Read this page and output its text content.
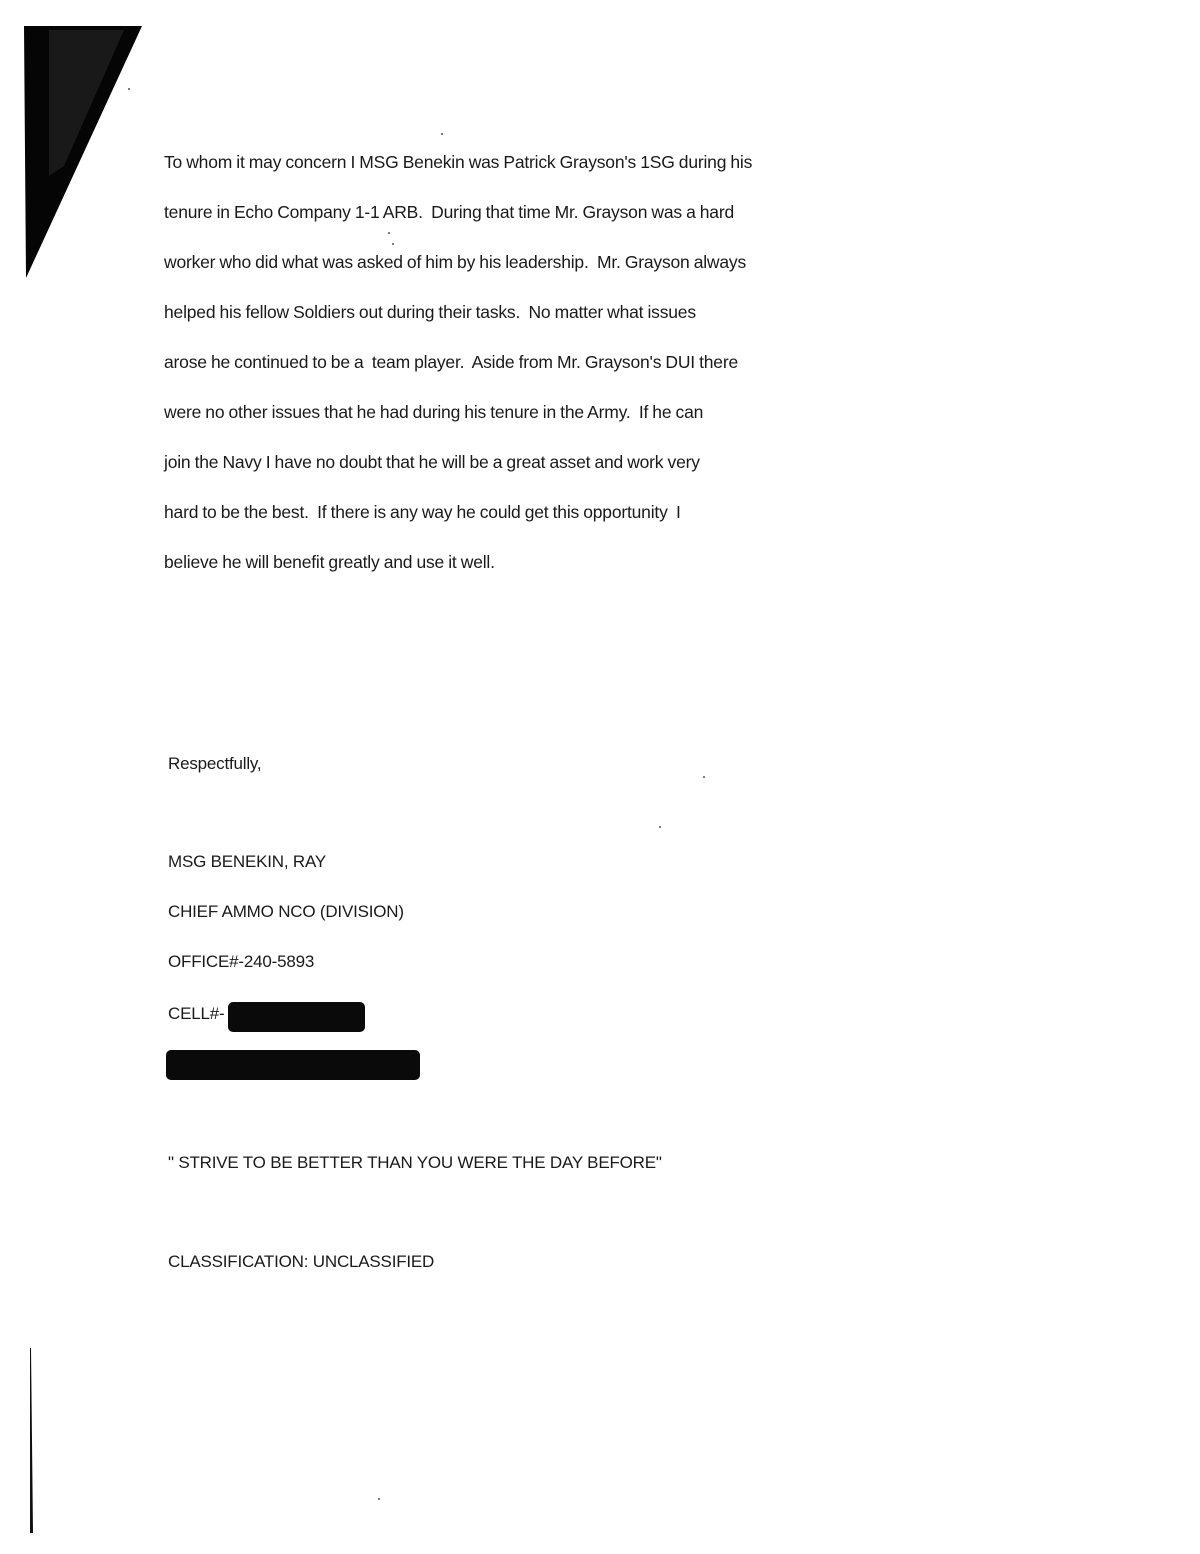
To whom it may concern I MSG Benekin was Patrick Grayson's 1SG during his
tenure in Echo Company 1-1 ARB.  During that time Mr. Grayson was a hard
worker who did what was asked of him by his leadership.  Mr. Grayson always
helped his fellow Soldiers out during their tasks.  No matter what issues
arose he continued to be a  team player.  Aside from Mr. Grayson's DUI there
were no other issues that he had during his tenure in the Army.  If he can
join the Navy I have no doubt that he will be a great asset and work very
hard to be the best.  If there is any way he could get this opportunity  I
believe he will benefit greatly and use it well.
Respectfully,
MSG BENEKIN, RAY
CHIEF AMMO NCO (DIVISION)
OFFICE#-240-5893
CELL#-
" STRIVE TO BE BETTER THAN YOU WERE THE DAY BEFORE"
CLASSIFICATION: UNCLASSIFIED
